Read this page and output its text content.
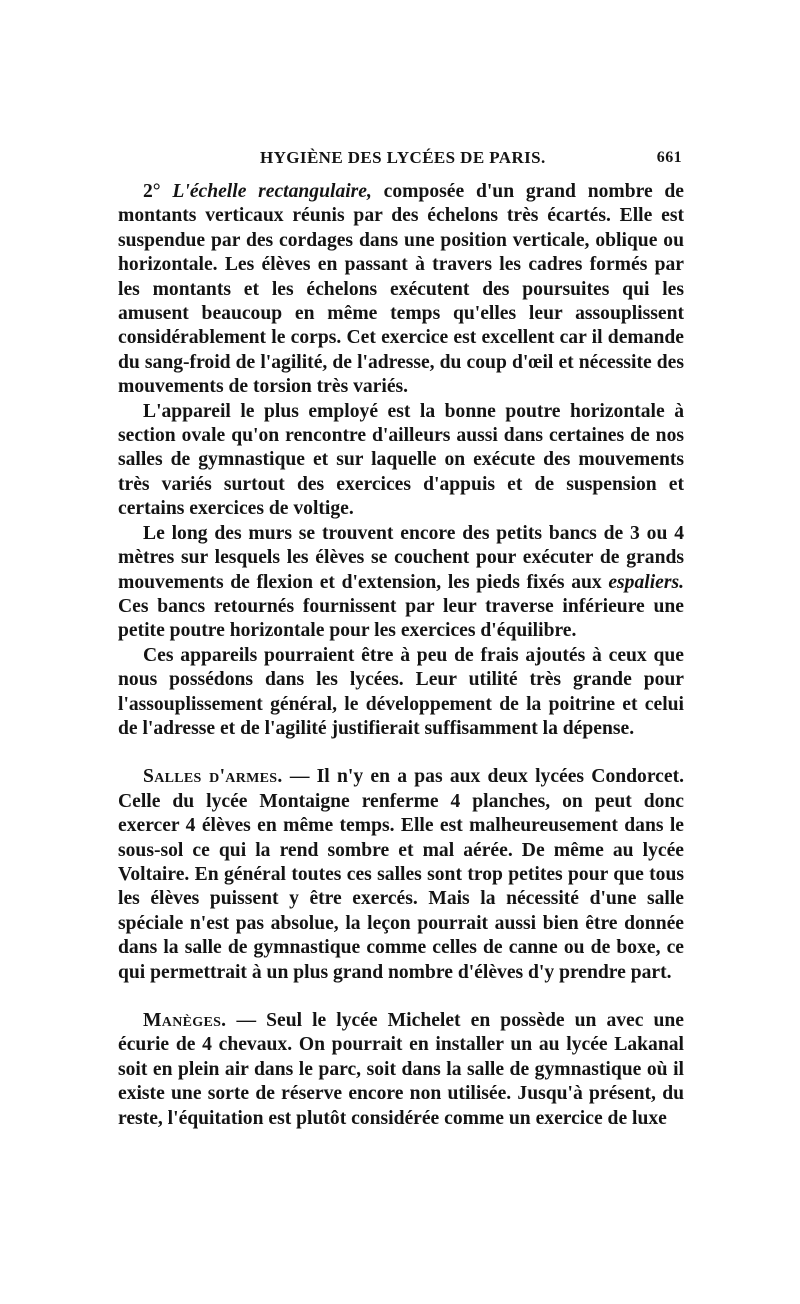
HYGIÈNE DES LYCÉES DE PARIS.	661

2° L'échelle rectangulaire, composée d'un grand nombre de montants verticaux réunis par des échelons très écartés. Elle est suspendue par des cordages dans une position verticale, oblique ou horizontale. Les élèves en passant à travers les cadres formés par les montants et les échelons exécutent des poursuites qui les amusent beaucoup en même temps qu'elles leur assouplissent considérablement le corps. Cet exercice est excellent car il demande du sang-froid de l'agilité, de l'adresse, du coup d'œil et nécessite des mouvements de torsion très variés.

L'appareil le plus employé est la bonne poutre horizontale à section ovale qu'on rencontre d'ailleurs aussi dans certaines de nos salles de gymnastique et sur laquelle on exécute des mouvements très variés surtout des exercices d'appuis et de suspension et certains exercices de voltige.

Le long des murs se trouvent encore des petits bancs de 3 ou 4 mètres sur lesquels les élèves se couchent pour exécuter de grands mouvements de flexion et d'extension, les pieds fixés aux espaliers. Ces bancs retournés fournissent par leur traverse inférieure une petite poutre horizontale pour les exercices d'équilibre.

Ces appareils pourraient être à peu de frais ajoutés à ceux que nous possédons dans les lycées. Leur utilité très grande pour l'assouplissement général, le développement de la poitrine et celui de l'adresse et de l'agilité justifierait suffisamment la dépense.

Salles d'armes. — Il n'y en a pas aux deux lycées Condorcet. Celle du lycée Montaigne renferme 4 planches, on peut donc exercer 4 élèves en même temps. Elle est malheureusement dans le sous-sol ce qui la rend sombre et mal aérée. De même au lycée Voltaire. En général toutes ces salles sont trop petites pour que tous les élèves puissent y être exercés. Mais la nécessité d'une salle spéciale n'est pas absolue, la leçon pourrait aussi bien être donnée dans la salle de gymnastique comme celles de canne ou de boxe, ce qui permettrait à un plus grand nombre d'élèves d'y prendre part.

Manèges. — Seul le lycée Michelet en possède un avec une écurie de 4 chevaux. On pourrait en installer un au lycée Lakanal soit en plein air dans le parc, soit dans la salle de gymnastique où il existe une sorte de réserve encore non utilisée. Jusqu'à présent, du reste, l'équitation est plutôt considérée comme un exercice de luxe
